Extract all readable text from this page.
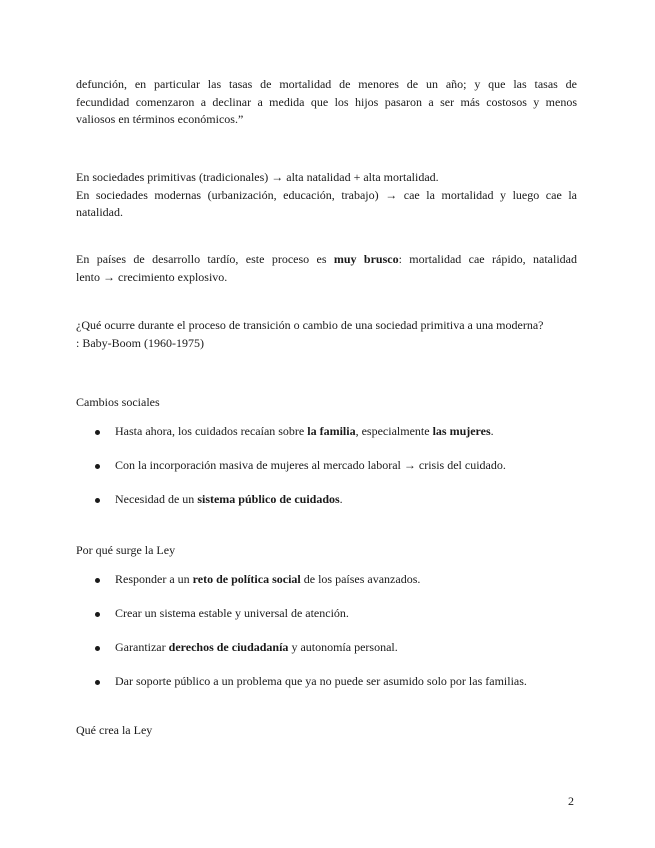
defunción, en particular las tasas de mortalidad de menores de un año; y que las tasas de
fecundidad comenzaron a declinar a medida que los hijos pasaron a ser más costosos y menos
valiosos en términos económicos.”
En sociedades primitivas (tradicionales) → alta natalidad + alta mortalidad.
En sociedades modernas (urbanización, educación, trabajo) → cae la mortalidad y luego cae la
natalidad.
En países de desarrollo tardío, este proceso es muy brusco: mortalidad cae rápido, natalidad
lento → crecimiento explosivo.
¿Qué ocurre durante el proceso de transición o cambio de una sociedad primitiva a una moderna?
: Baby-Boom (1960-1975)
Cambios sociales
Hasta ahora, los cuidados recaían sobre la familia, especialmente las mujeres.
Con la incorporación masiva de mujeres al mercado laboral → crisis del cuidado.
Necesidad de un sistema público de cuidados.
Por qué surge la Ley
Responder a un reto de política social de los países avanzados.
Crear un sistema estable y universal de atención.
Garantizar derechos de ciudadanía y autonomía personal.
Dar soporte público a un problema que ya no puede ser asumido solo por las familias.
Qué crea la Ley
2
